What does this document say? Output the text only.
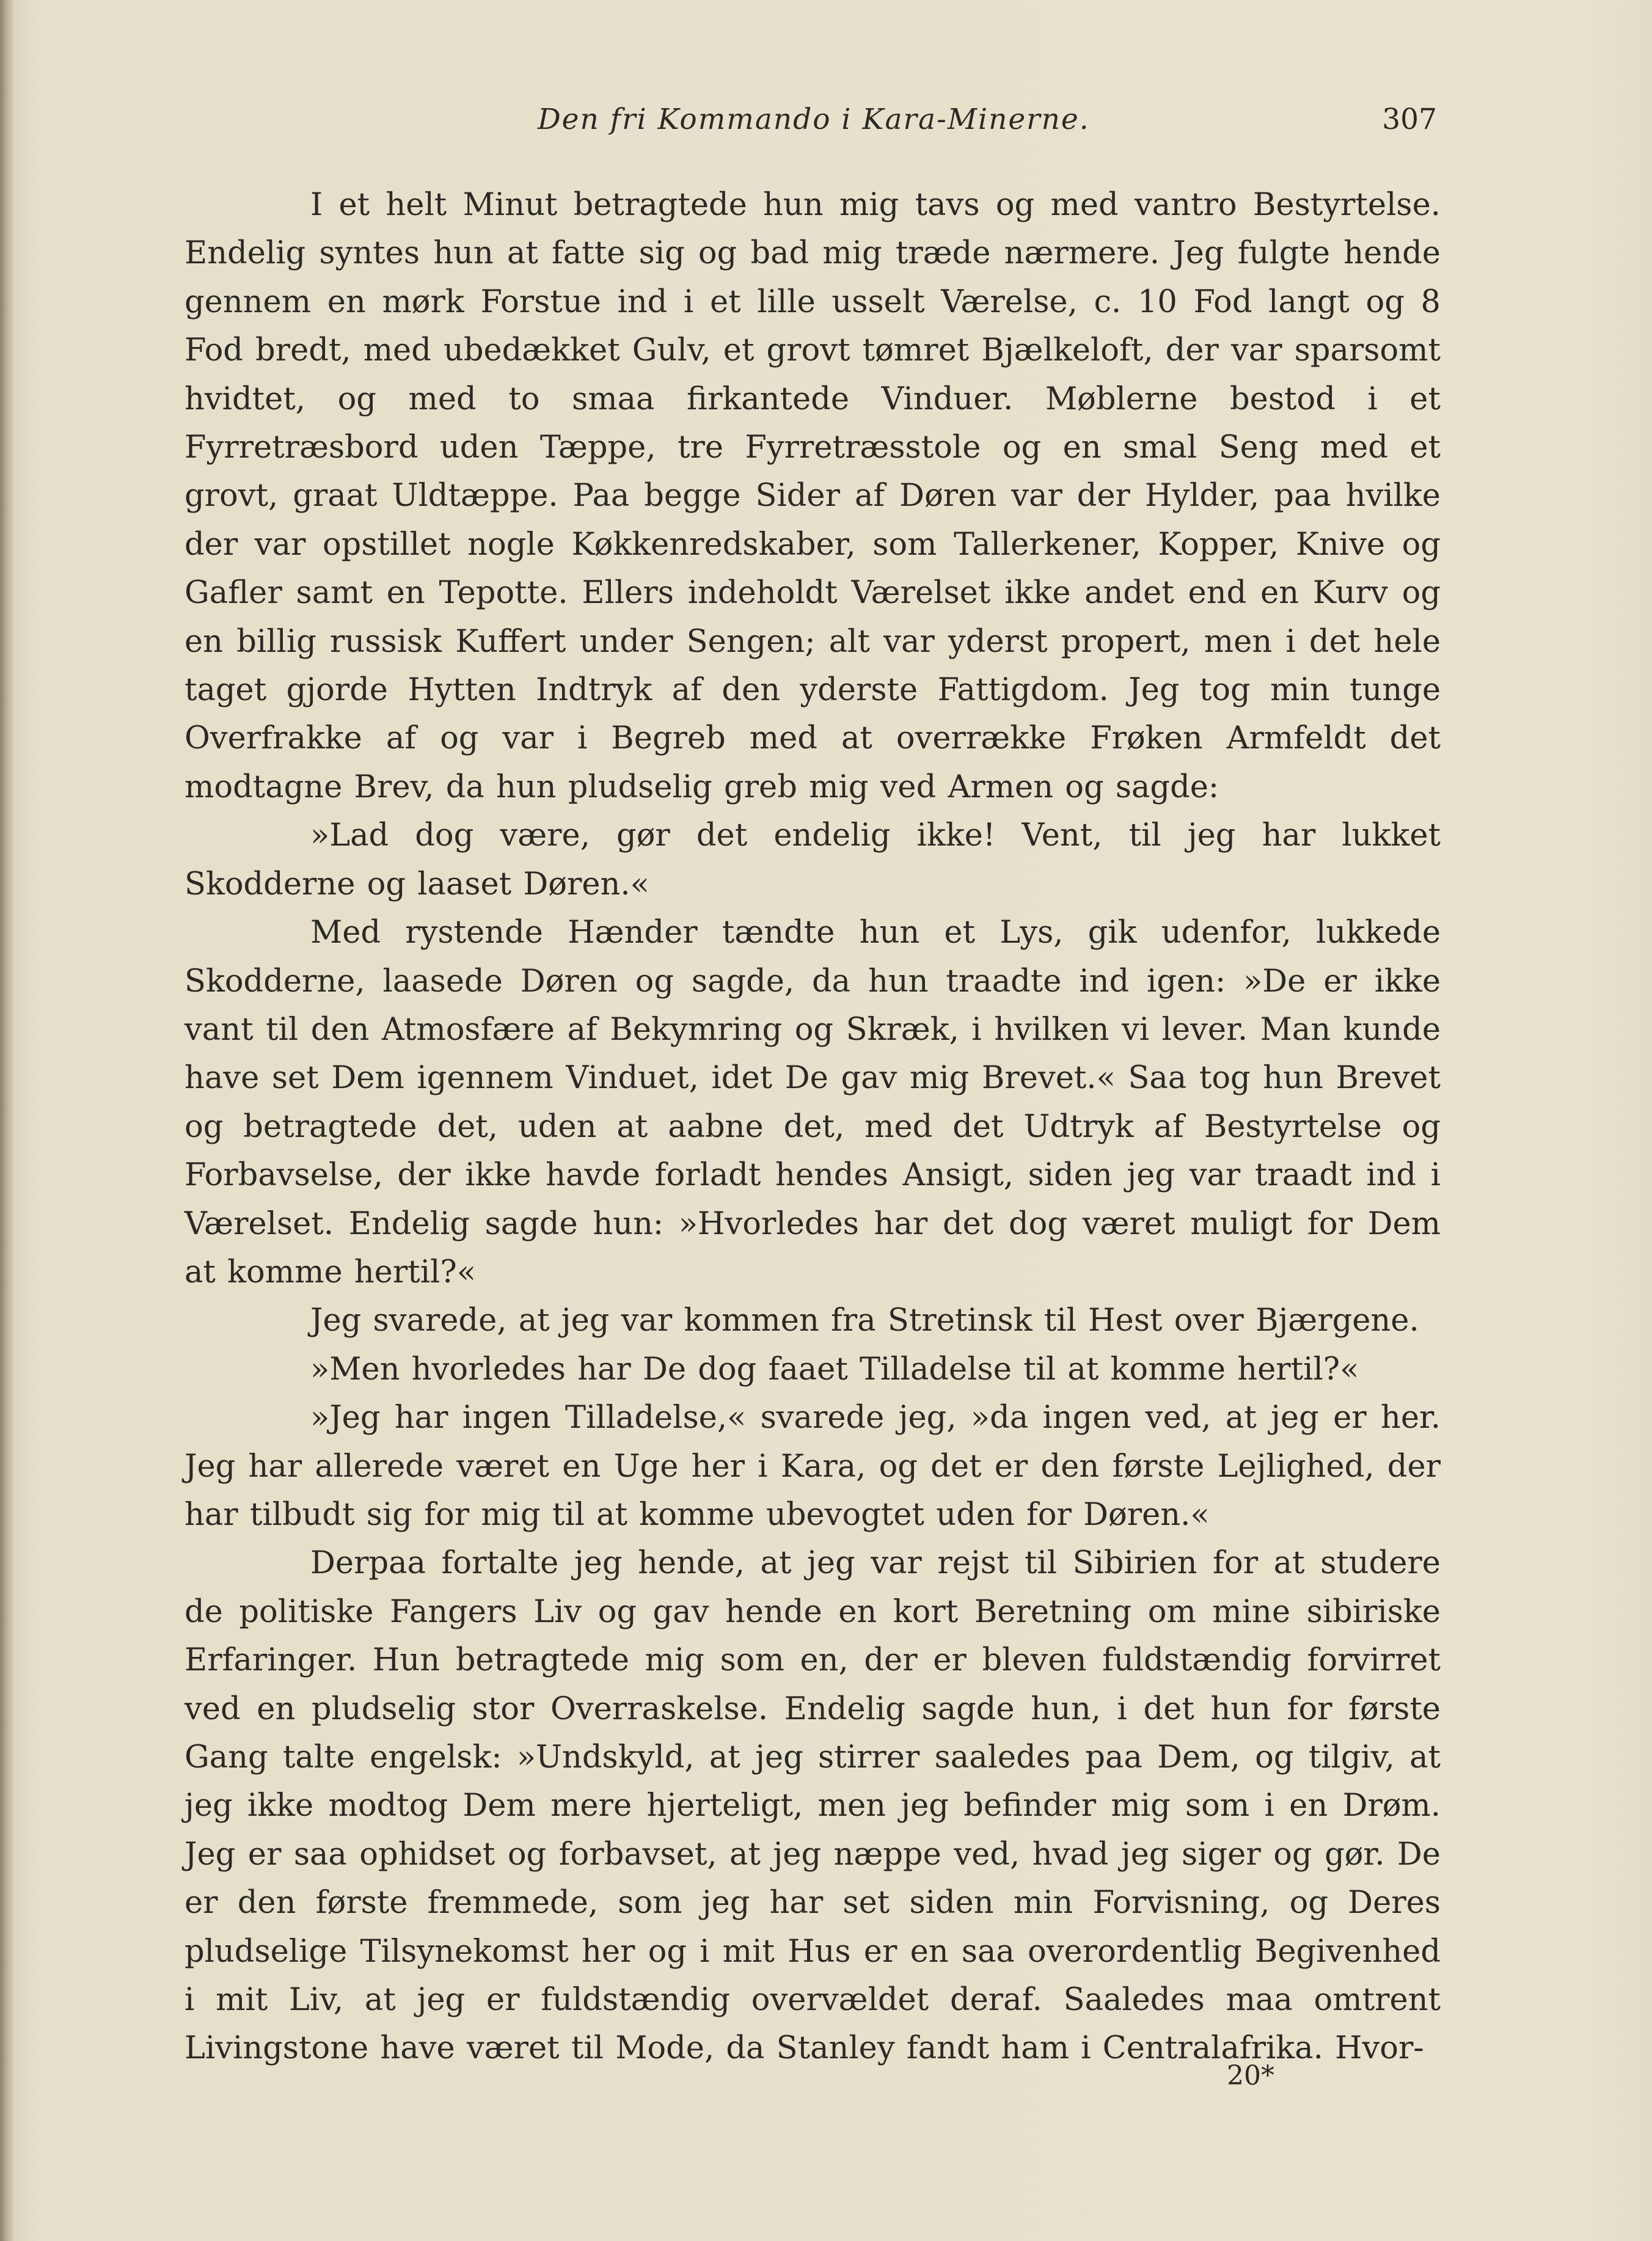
Den fri Kommando i Kara-Minerne.	307

I et helt Minut betragtede hun mig tavs og med vantro Bestyrtelse. Endelig syntes hun at fatte sig og bad mig træde nærmere. Jeg fulgte hende gennem en mørk Forstue ind i et lille usselt Værelse, c. 10 Fod langt og 8 Fod bredt, med ubedækket Gulv, et grovt tømret Bjælkeloft, der var sparsomt hvidtet, og med to smaa firkantede Vinduer. Møblerne bestod i et Fyrretræsbord uden Tæppe, tre Fyrretræsstole og en smal Seng med et grovt, graat Uldtæppe. Paa begge Sider af Døren var der Hylder, paa hvilke der var opstillet nogle Køkkenredskaber, som Tallerkener, Kopper, Knive og Gafler samt en Tepotte. Ellers indeholdt Værelset ikke andet end en Kurv og en billig russisk Kuffert under Sengen; alt var yderst propert, men i det hele taget gjorde Hytten Indtryk af den yderste Fattigdom. Jeg tog min tunge Overfrakke af og var i Begreb med at overrække Frøken Armfeldt det modtagne Brev, da hun pludselig greb mig ved Armen og sagde:

»Lad dog være, gør det endelig ikke! Vent, til jeg har lukket Skodderne og laaset Døren.«

Med rystende Hænder tændte hun et Lys, gik udenfor, lukkede Skodderne, laasede Døren og sagde, da hun traadte ind igen: »De er ikke vant til den Atmosfære af Bekymring og Skræk, i hvilken vi lever. Man kunde have set Dem igennem Vinduet, idet De gav mig Brevet.« Saa tog hun Brevet og betragtede det, uden at aabne det, med det Udtryk af Bestyrtelse og Forbavselse, der ikke havde forladt hendes Ansigt, siden jeg var traadt ind i Værelset. Endelig sagde hun: »Hvorledes har det dog været muligt for Dem at komme hertil?«

Jeg svarede, at jeg var kommen fra Stretinsk til Hest over Bjærgene.

»Men hvorledes har De dog faaet Tilladelse til at komme hertil?«

»Jeg har ingen Tilladelse,« svarede jeg, »da ingen ved, at jeg er her. Jeg har allerede været en Uge her i Kara, og det er den første Lejlighed, der har tilbudt sig for mig til at komme ubevogtet uden for Døren.«

Derpaa fortalte jeg hende, at jeg var rejst til Sibirien for at studere de politiske Fangers Liv og gav hende en kort Beretning om mine sibiriske Erfaringer. Hun betragtede mig som en, der er bleven fuldstændig forvirret ved en pludselig stor Overraskelse. Endelig sagde hun, i det hun for første Gang talte engelsk: »Undskyld, at jeg stirrer saaledes paa Dem, og tilgiv, at jeg ikke modtog Dem mere hjerteligt, men jeg befinder mig som i en Drøm. Jeg er saa ophidset og forbavset, at jeg næppe ved, hvad jeg siger og gør. De er den første fremmede, som jeg har set siden min Forvisning, og Deres pludselige Tilsynekomst her og i mit Hus er en saa overordentlig Begivenhed i mit Liv, at jeg er fuldstændig overvældet deraf. Saaledes maa omtrent Livingstone have været til Mode, da Stanley fandt ham i Centralafrika. Hvor-

20*
